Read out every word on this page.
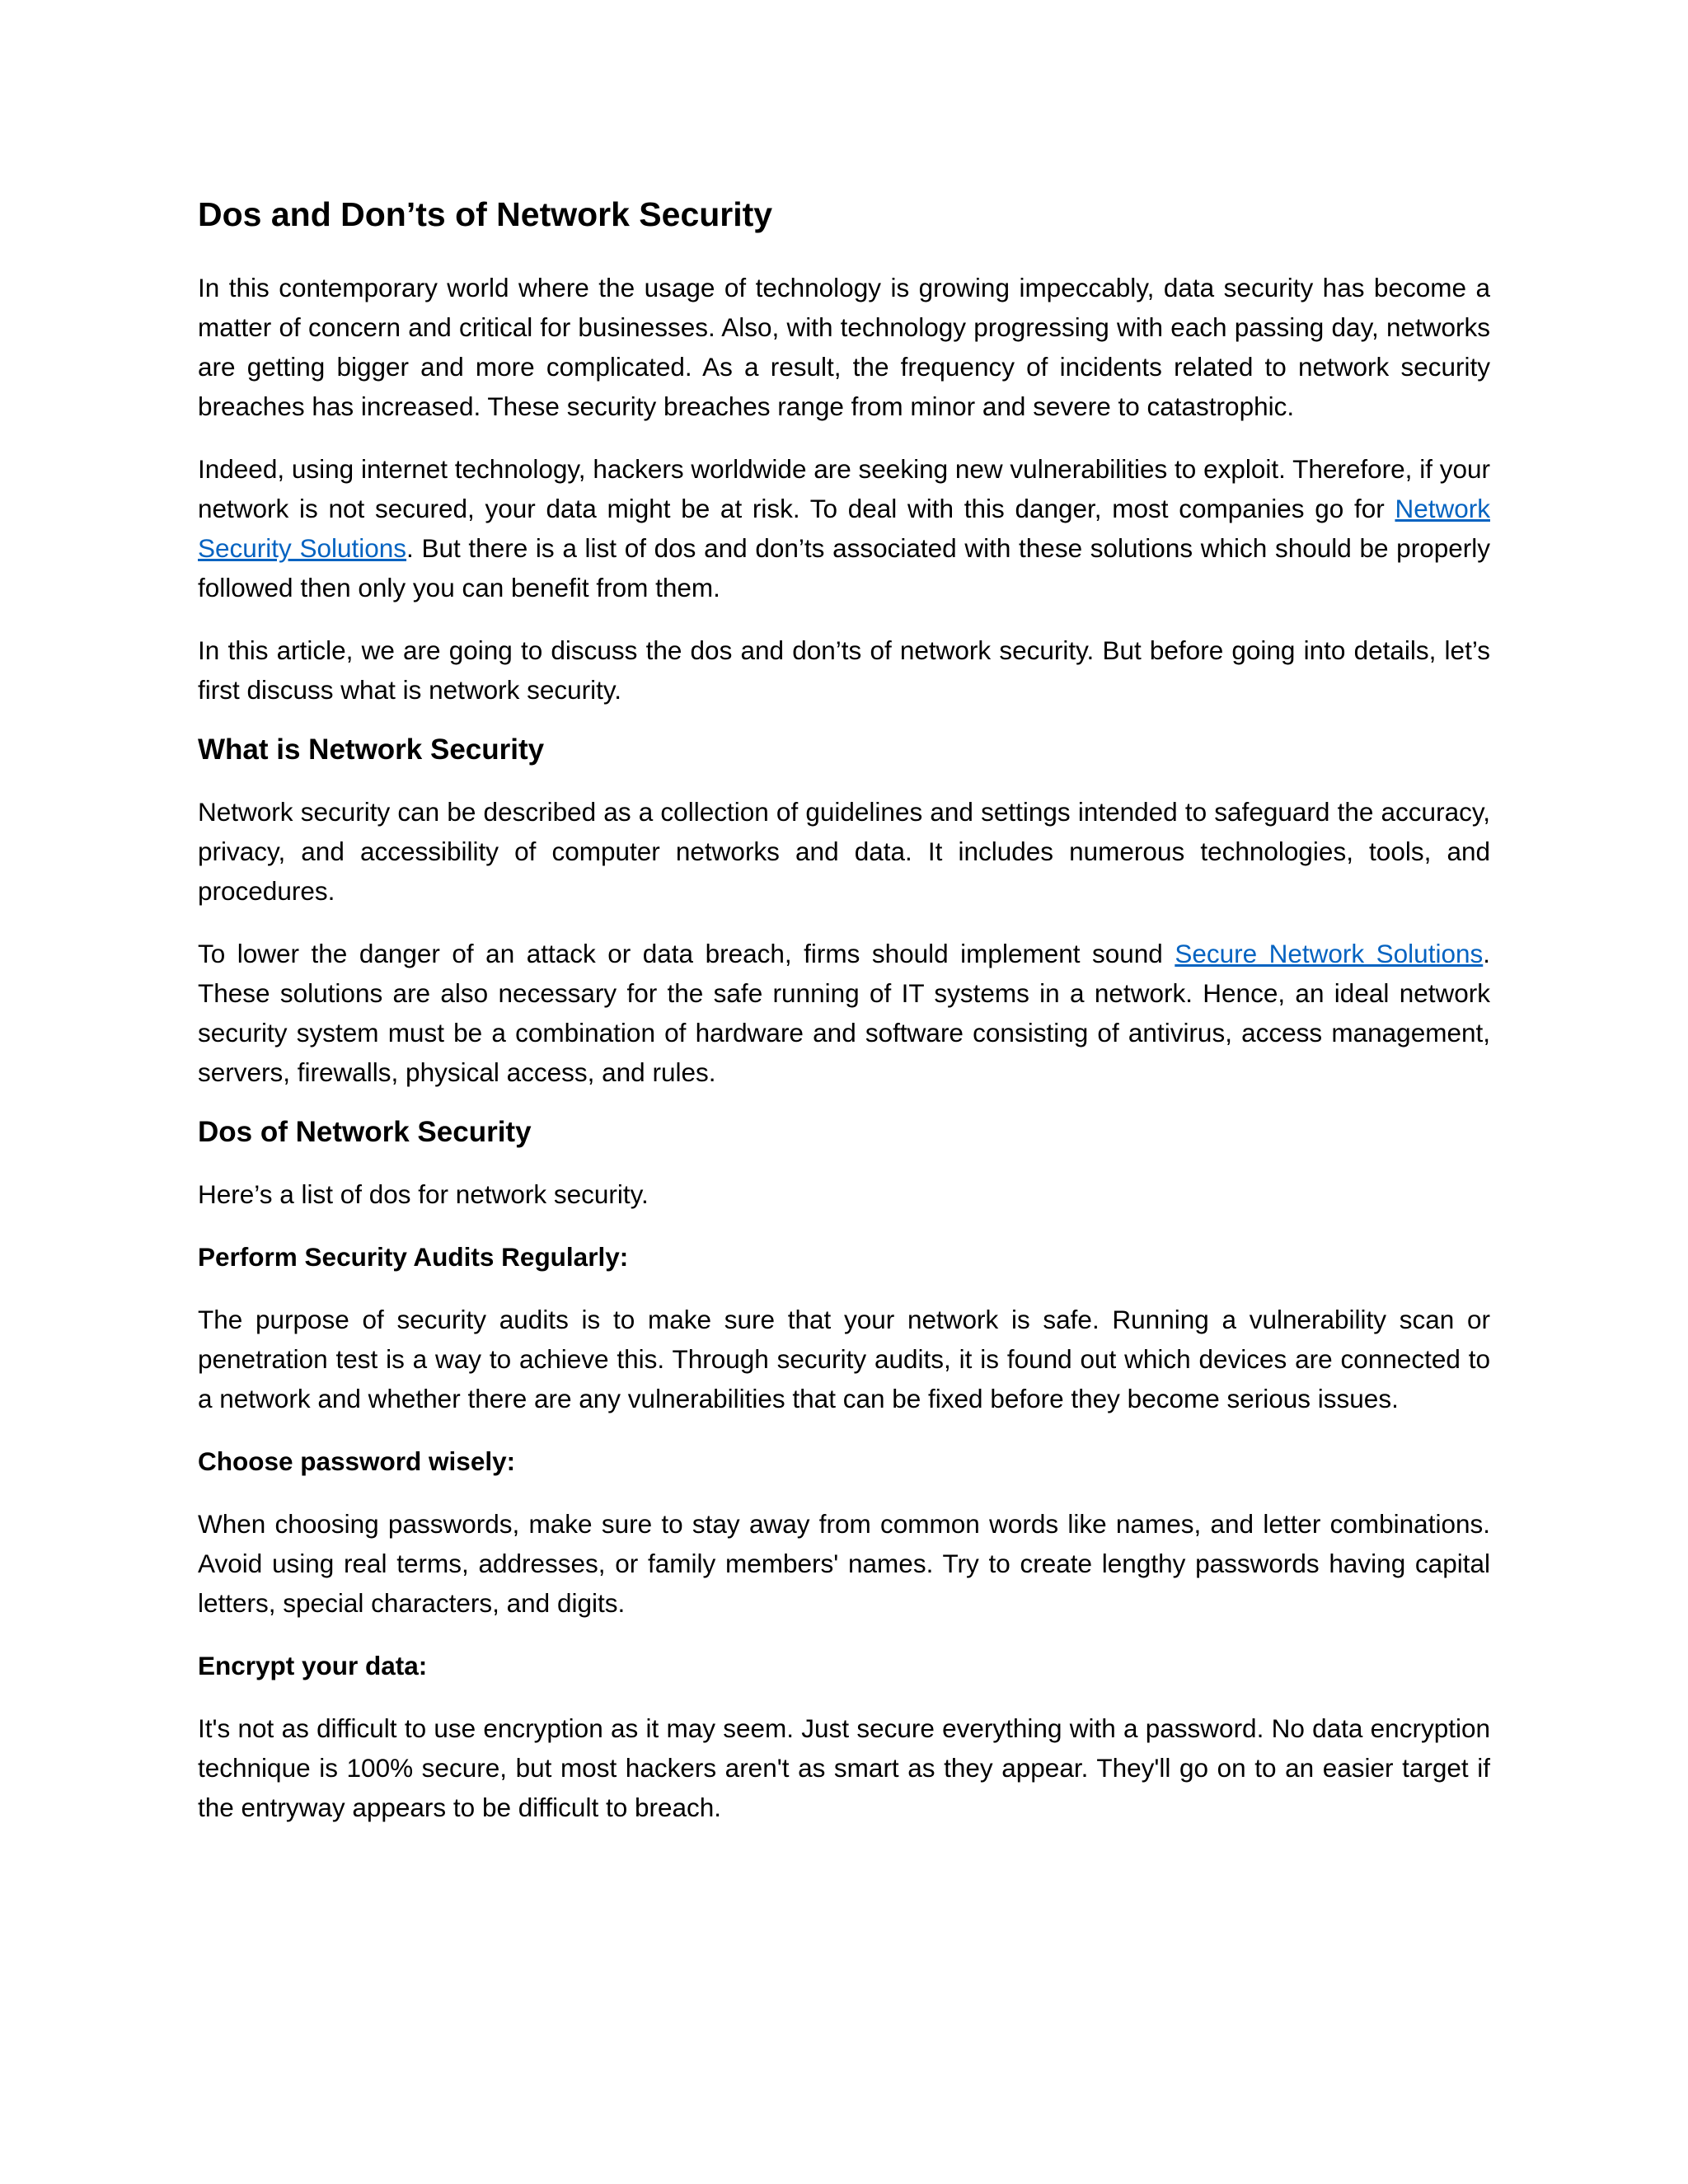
Dos and Don’ts of Network Security

In this contemporary world where the usage of technology is growing impeccably, data security has become a matter of concern and critical for businesses. Also, with technology progressing with each passing day, networks are getting bigger and more complicated. As a result, the frequency of incidents related to network security breaches has increased. These security breaches range from minor and severe to catastrophic.

Indeed, using internet technology, hackers worldwide are seeking new vulnerabilities to exploit. Therefore, if your network is not secured, your data might be at risk. To deal with this danger, most companies go for Network Security Solutions. But there is a list of dos and don’ts associated with these solutions which should be properly followed then only you can benefit from them.

In this article, we are going to discuss the dos and don’ts of network security. But before going into details, let’s first discuss what is network security.

What is Network Security

Network security can be described as a collection of guidelines and settings intended to safeguard the accuracy, privacy, and accessibility of computer networks and data. It includes numerous technologies, tools, and procedures.

To lower the danger of an attack or data breach, firms should implement sound Secure Network Solutions. These solutions are also necessary for the safe running of IT systems in a network. Hence, an ideal network security system must be a combination of hardware and software consisting of antivirus, access management, servers, firewalls, physical access, and rules.

Dos of Network Security

Here’s a list of dos for network security.

Perform Security Audits Regularly:

The purpose of security audits is to make sure that your network is safe. Running a vulnerability scan or penetration test is a way to achieve this. Through security audits, it is found out which devices are connected to a network and whether there are any vulnerabilities that can be fixed before they become serious issues.

Choose password wisely:

When choosing passwords, make sure to stay away from common words like names, and letter combinations. Avoid using real terms, addresses, or family members' names. Try to create lengthy passwords having capital letters, special characters, and digits.

Encrypt your data:

It's not as difficult to use encryption as it may seem. Just secure everything with a password. No data encryption technique is 100% secure, but most hackers aren't as smart as they appear. They'll go on to an easier target if the entryway appears to be difficult to breach.
